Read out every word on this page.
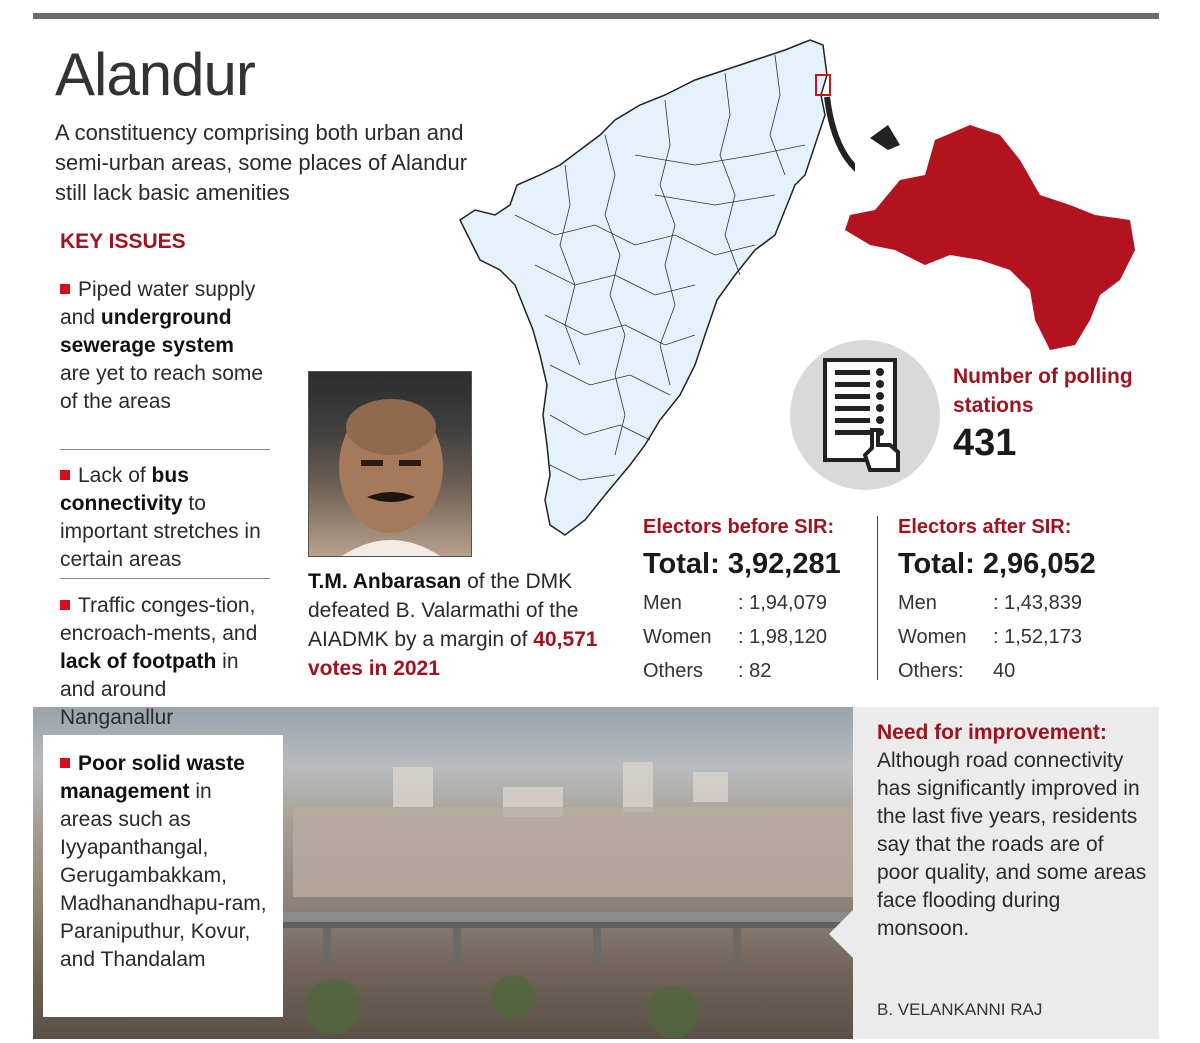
Alandur
A constituency comprising both urban and semi-urban areas, some places of Alandur still lack basic amenities
Number of polling stations
431
Electors before SIR:
Total: 3,92,281
Men	: 1,94,079
Women : 1,98,120
Others : 82
Electors after SIR:
Total: 2,96,052
Men	: 1,43,839
Women : 1,52,173
Others: 40
KEY ISSUES
Piped water supply and underground sewerage system are yet to reach some of the areas
Lack of bus connectivity to important stretches in certain areas
Traffic conges-tion, encroach-ments, and lack of footpath in and around Nanganallur
Poor solid waste management in areas such as Iyyapanthangal, Gerugambakkam, Madhanandhapu-ram, Paraniputhur, Kovur, and Thandalam
T.M. Anbarasan of the DMK defeated B. Valarmathi of the AIADMK by a margin of 40,571 votes in 2021
Need for improvement: Although road connectivity has significantly improved in the last five years, residents say that the roads are of poor quality, and some areas face flooding during monsoon.
B. VELANKANNI RAJ
